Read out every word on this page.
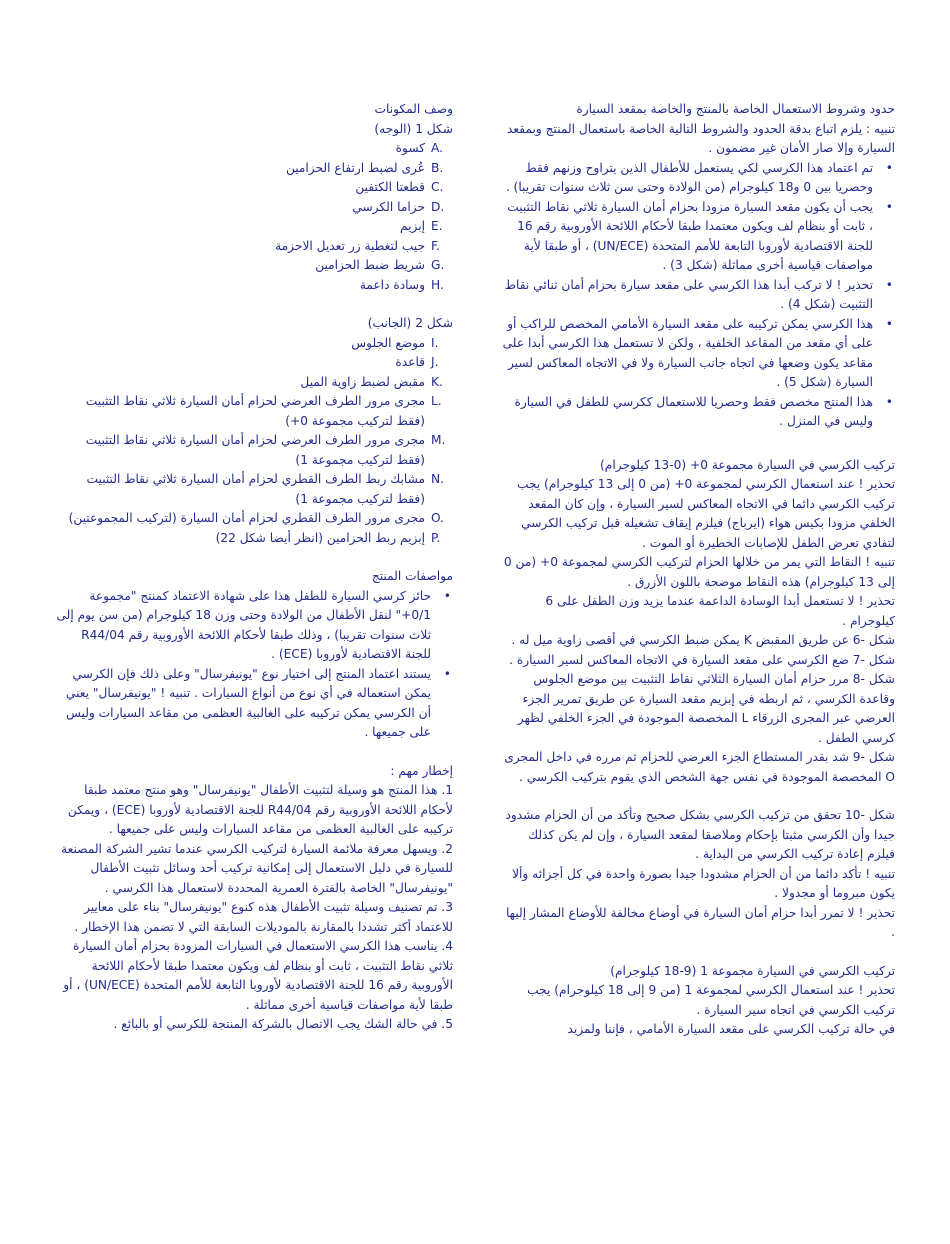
حدود وشروط الاستعمال الخاصة بالمنتج والخاصة بمقعد السيارة

تنبيه : يلزم اتباع بدقة الحدود والشروط التالية الخاصة باستعمال المنتج وبمقعد السيارة وإلا صار الأمان غير مضمون .

• تم اعتماد هذا الكرسي لكي يستعمل للأطفال الذين يتراوح وزنهم فقط وحصريا بين 0 و18 كيلوجرام (من الولادة وحتى سن ثلاث سنوات تقريبا) .
• يجب أن يكون مقعد السيارة مزودا بحزام أمان السيارة ثلاثي نقاط التثبيت ، ثابت أو بنظام لف ويكون معتمدا طبقا لأحكام اللائحة الأوروبية رقم 16 للجنة الاقتصادية لأوروبا التابعة للأمم المتحدة (UN/ECE) ، أو طبقا لأية مواصفات قياسية أخرى مماثلة (شكل 3) .
• تحذير ! لا تركب أبدا هذا الكرسي على مقعد سيارة بحزام أمان ثنائي نقاط التثبيت (شكل 4) .
• هذا الكرسي يمكن تركيبه على مقعد السيارة الأمامي المخصص للراكب أو على أي مقعد من المقاعد الخلفية ، ولكن لا تستعمل هذا الكرسي أبدا على مقاعد يكون وضعها في اتجاه جانب السيارة ولا في الاتجاه المعاكس لسير السيارة (شكل 5) .
• هذا المنتج مخصص فقط وحصريا للاستعمال ككرسي للطفل في السيارة وليس في المنزل .

تركيب الكرسي في السيارة مجموعة 0+ (0-13 كيلوجرام)

تحذير ! عند استعمال الكرسي لمجموعة 0+ (من 0 إلى 13 كيلوجرام) يجب تركيب الكرسي دائما في الاتجاه المعاكس لسير السيارة ، وإن كان المقعد الخلفي مزودا بكيس هواء (ايرباج) فيلزم إيقاف تشغيله قبل تركيب الكرسي لتفادي تعرض الطفل للإصابات الخطيرة أو الموت .

تنبيه ! النقاط التي يمر من خلالها الحزام لتركيب الكرسي لمجموعة 0+ (من 0 إلى 13 كيلوجرام) هذه النقاط موضحة باللون الأزرق .

تحذير ! لا تستعمل أبدا الوسادة الداعمة عندما يزيد وزن الطفل على 6 كيلوجرام .

شكل -6 عن طريق المقبض K يمكن ضبط الكرسي في أقصى زاوية ميل له .

شكل -7 ضع الكرسي على مقعد السيارة في الاتجاه المعاكس لسير السيارة .

شكل -8 مرر حزام أمان السيارة الثلاثي نقاط التثبيت بين موضع الجلوس وقاعدة الكرسي ، ثم اربطه في إبزيم مقعد السيارة عن طريق تمرير الجزء العرضي عبر المجرى الزرقاء L المخصصة الموجودة في الجزء الخلفي لظهر كرسي الطفل .

شكل -9 شد بقدر المستطاع الجزء العرضي للحزام ثم مرره في داخل المجرى O المخصصة الموجودة في نفس جهة الشخص الذي يقوم بتركيب الكرسي .

شكل -10 تحقق من تركيب الكرسي بشكل صحيح وتأكد من أن الحزام مشدود جيدا وأن الكرسي مثبتا بإحكام وملاصقا لمقعد السيارة ، وإن لم يكن كذلك فيلزم إعادة تركيب الكرسي من البداية .

تنبيه ! تأكد دائما من أن الحزام مشدودا جيدا بصورة واحدة في كل أجزائه وألا يكون مبروما أو مجدولا .

تحذير ! لا تمرر أبدا حزام أمان السيارة في أوضاع مخالفة للأوضاع المشار إليها .

تركيب الكرسي في السيارة مجموعة 1 (9-18 كيلوجرام)

تحذير ! عند استعمال الكرسي لمجموعة 1 (من 9 إلى 18 كيلوجرام) يجب تركيب الكرسي في اتجاه سير السيارة .

في حالة تركيب الكرسي على مقعد السيارة الأمامي ، فإننا ولمزيد

وصف المكونات

شكل 1 (الوجه)

A.
كسوة
B.
عُرى لضبط ارتفاع الحزامين
C.
قطعتا الكتفين
D.
حزاما الكرسي
E.
إبزيم
F.
جيب لتغطية زر تعديل الاحزمة
G.
شريط ضبط الحزامين
H.
وسادة داعمة

شكل 2 (الجانب)

I.
موضع الجلوس
J.
قاعدة
K.
مقبض لضبط زاوية الميل
L.
مجرى مرور الطرف العرضي لحزام أمان السيارة ثلاثي نقاط التثبيت (فقط لتركيب مجموعة 0+)
M.
مجرى مرور الطرف العرضي لحزام أمان السيارة ثلاثي نقاط التثبيت (فقط لتركيب مجموعة 1)
N.
مشابك ربط الطرف القطري لحزام أمان السيارة ثلاثي نقاط التثبيت (فقط لتركيب مجموعة 1)
O.
مجرى مرور الطرف القطري لحزام أمان السيارة (لتركيب المجموعتين)
P.
إبزيم ربط الحزامين (انظر أيضا شكل 22)

مواصفات المنتج

• حائز كرسي السيارة للطفل هذا على شهادة الاعتماد كمنتج "مجموعة 0/1+" لنقل الأطفال من الولادة وحتى وزن 18 كيلوجرام (من سن يوم إلى ثلاث سنوات تقريبا) ، وذلك طبقا لأحكام اللائحة الأوروبية رقم R44/04 للجنة الاقتصادية لأوروبا (ECE) .
• يستند اعتماد المنتج إلى اختيار نوع "يونيفرسال" وعلى ذلك فإن الكرسي يمكن استعماله في أي نوع من أنواع السيارات . تنبيه ! "يونيفرسال" يعني أن الكرسي يمكن تركيبه على الغالبية العظمى من مقاعد السيارات وليس على جميعها .

إخطار مهم :

1. هذا المنتج هو وسيلة لتثبيت الأطفال "يونيفرسال" وهو منتج معتمد طبقا لأحكام اللائحة الأوروبية رقم R44/04 للجنة الاقتصادية لأوروبا (ECE) ، ويمكن تركيبه على الغالبية العظمى من مقاعد السيارات وليس على جميعها .

2. ويسهل معرفة ملائمة السيارة لتركيب الكرسي عندما تشير الشركة المصنعة للسيارة في دليل الاستعمال إلى إمكانية تركيب أحد وسائل تثبيت الأطفال "يونيفرسال" الخاصة بالفترة العمرية المحددة لاستعمال هذا الكرسي .

3. تم تصنيف وسيلة تثبيت الأطفال هذه كنوع "يونيفرسال" بناء على معايير للاعتماد أكثر تشددا بالمقارنة بالموديلات السابقة التي لا تضمن هذا الإخطار .

4. يناسب هذا الكرسي الاستعمال في السيارات المزودة بحزام أمان السيارة ثلاثي نقاط التثبيت ، ثابت أو بنظام لف ويكون معتمدا طبقا لأحكام اللائحة الأوروبية رقم 16 للجنة الاقتصادية لأوروبا التابعة للأمم المتحدة (UN/ECE) ، أو طبقا لأية مواصفات قياسية أخرى مماثلة .

5. في حالة الشك يجب الاتصال بالشركة المنتجة للكرسي أو بالبائع .
